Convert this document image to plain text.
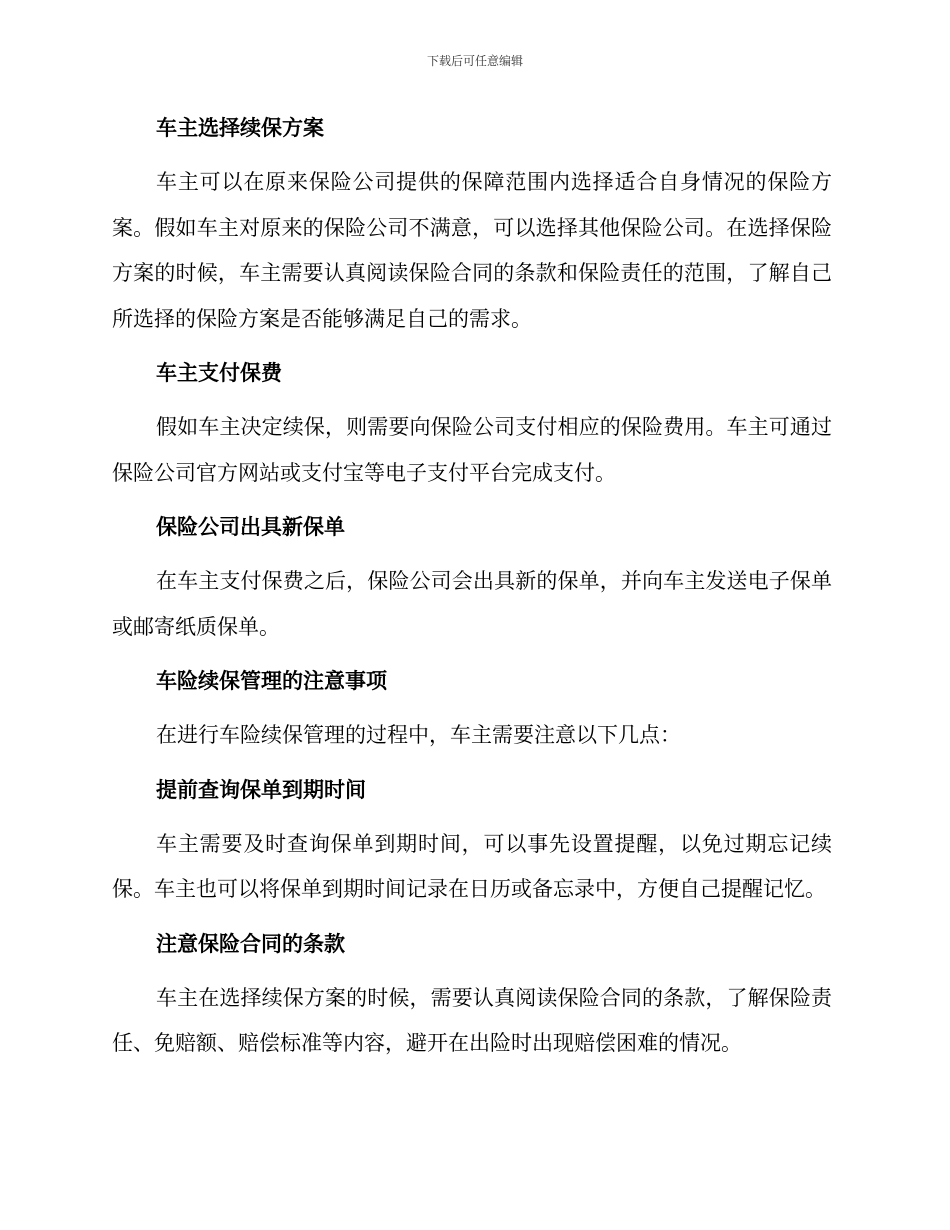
下载后可任意编辑
车主选择续保方案
车主可以在原来保险公司提供的保障范围内选择适合自身情况的保险方案。假如车主对原来的保险公司不满意，可以选择其他保险公司。在选择保险方案的时候，车主需要认真阅读保险合同的条款和保险责任的范围，了解自己所选择的保险方案是否能够满足自己的需求。
车主支付保费
假如车主决定续保，则需要向保险公司支付相应的保险费用。车主可通过保险公司官方网站或支付宝等电子支付平台完成支付。
保险公司出具新保单
在车主支付保费之后，保险公司会出具新的保单，并向车主发送电子保单或邮寄纸质保单。
车险续保管理的注意事项
在进行车险续保管理的过程中，车主需要注意以下几点：
提前查询保单到期时间
车主需要及时查询保单到期时间，可以事先设置提醒，以免过期忘记续保。车主也可以将保单到期时间记录在日历或备忘录中，方便自己提醒记忆。
注意保险合同的条款
车主在选择续保方案的时候，需要认真阅读保险合同的条款，了解保险责任、免赔额、赔偿标准等内容，避开在出险时出现赔偿困难的情况。
